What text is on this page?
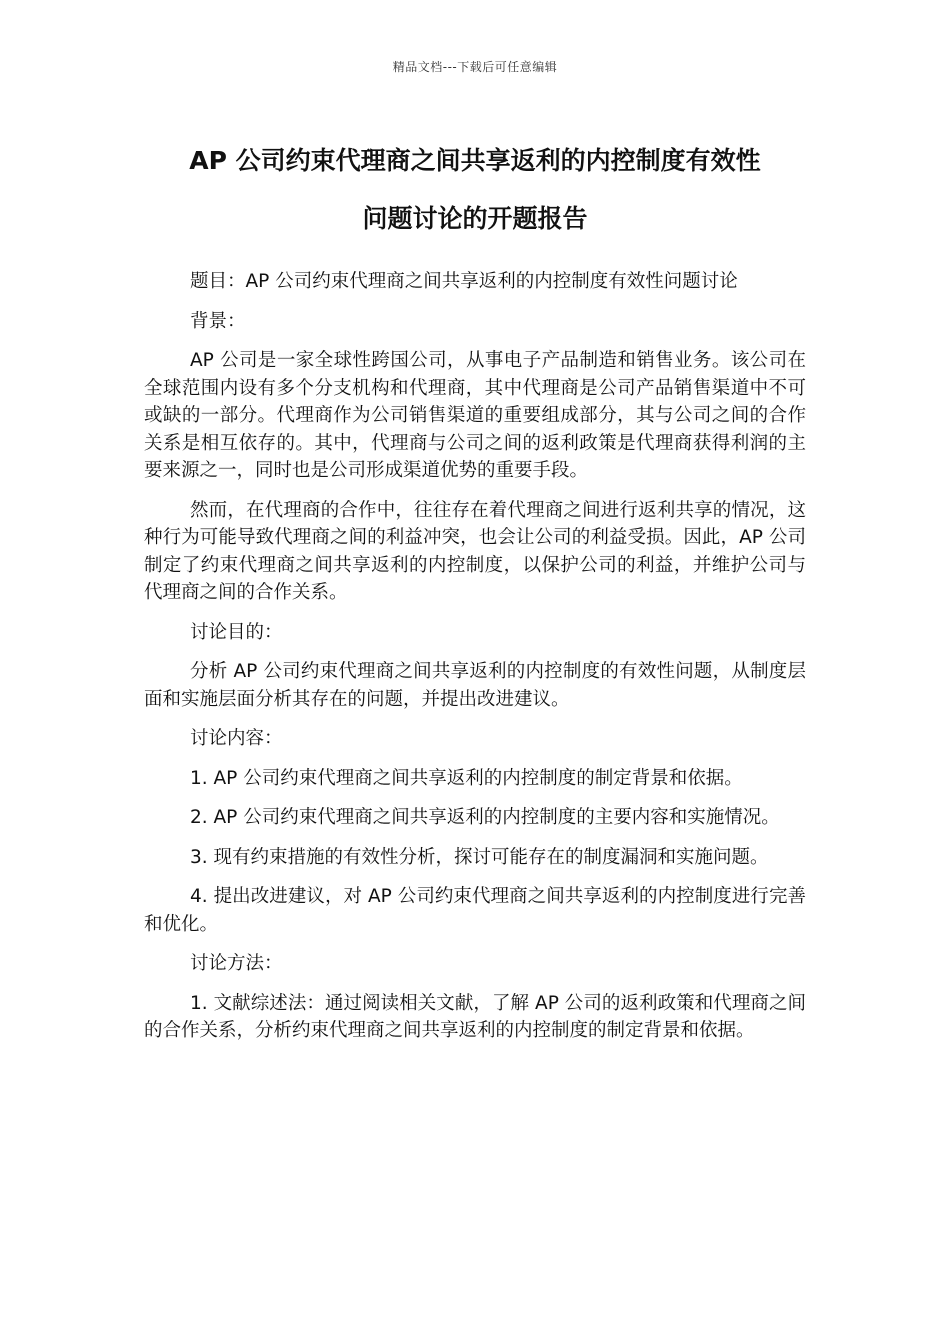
精品文档---下载后可任意编辑
AP 公司约束代理商之间共享返利的内控制度有效性
问题讨论的开题报告

题目：AP 公司约束代理商之间共享返利的内控制度有效性问题讨论

背景：

AP 公司是一家全球性跨国公司，从事电子产品制造和销售业务。该公司在全球范围内设有多个分支机构和代理商，其中代理商是公司产品销售渠道中不可或缺的一部分。代理商作为公司销售渠道的重要组成部分，其与公司之间的合作关系是相互依存的。其中，代理商与公司之间的返利政策是代理商获得利润的主要来源之一，同时也是公司形成渠道优势的重要手段。

然而，在代理商的合作中，往往存在着代理商之间进行返利共享的情况，这种行为可能导致代理商之间的利益冲突，也会让公司的利益受损。因此，AP 公司制定了约束代理商之间共享返利的内控制度，以保护公司的利益，并维护公司与代理商之间的合作关系。

讨论目的：

分析 AP 公司约束代理商之间共享返利的内控制度的有效性问题，从制度层面和实施层面分析其存在的问题，并提出改进建议。

讨论内容：

1. AP 公司约束代理商之间共享返利的内控制度的制定背景和依据。

2. AP 公司约束代理商之间共享返利的内控制度的主要内容和实施情况。

3. 现有约束措施的有效性分析，探讨可能存在的制度漏洞和实施问题。

4. 提出改进建议，对 AP 公司约束代理商之间共享返利的内控制度进行完善和优化。

讨论方法：

1. 文献综述法：通过阅读相关文献，了解 AP 公司的返利政策和代理商之间的合作关系，分析约束代理商之间共享返利的内控制度的制定背景和依据。
